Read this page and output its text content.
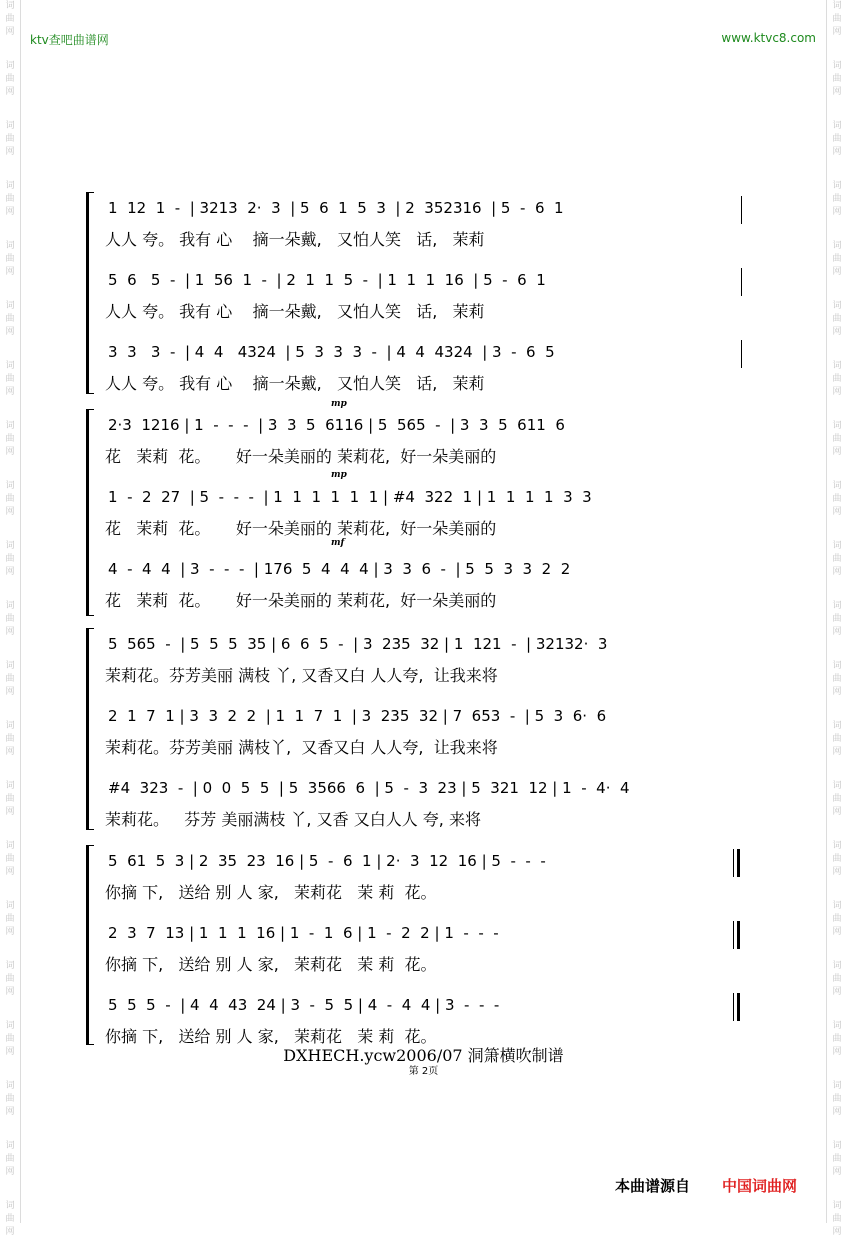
词
曲
网
词
曲
网
词
曲
网
词
曲
网
词
曲
网
词
曲
网
词
曲
网
词
曲
网
词
曲
网
词
曲
网
词
曲
网
词
曲
网
词
曲
网
词
曲
网
词
曲
网
词
曲
网
词
曲
网
词
曲
网
词
曲
网
词
曲
网
词
曲
网
词
曲
网
词
曲
网
词
曲
网
词
曲
网
词
曲
网
词
曲
网
词
曲
网
词
曲
网
词
曲
网
词
曲
网
词
曲
网
词
曲
网
词
曲
网
词
曲
网
词
曲
网
词
曲
网
词
曲
网
词
曲
网
词
曲
网
词
曲
网
词
曲
网
ktv查吧曲谱网	www.ktvc8.com
1  12  1  -  | 3213  2·  3  | 5  6  1  5  3  | 2  352316  | 5  -  6  1
人人 夸。 我有 心    摘一朵戴,   又怕人笑   话,   茉莉
5  6   5  -  | 1  56  1  -  | 2  1  1  5  -  | 1  1  1  16  | 5  -  6  1
人人 夸。 我有 心    摘一朵戴,   又怕人笑   话,   茉莉
3  3   3  -  | 4  4   4324  | 5  3  3  3  -  | 4  4  4324  | 3  -  6  5
人人 夸。 我有 心    摘一朵戴,   又怕人笑   话,   茉莉
mp
mp
mf
2·3  1216 | 1  -  -  -  | 3  3  5  6116 | 5  565  -  | 3  3  5  611  6
花   茉莉  花。     好一朵美丽的 茉莉花,  好一朵美丽的
1  -  2  27  | 5  -  -  -  | 1  1  1  1  1  1 | #4  322  1 | 1  1  1  1  3  3
花   茉莉  花。     好一朵美丽的 茉莉花,  好一朵美丽的
4  -  4  4  | 3  -  -  -  | 176  5  4  4  4 | 3  3  6  -  | 5  5  3  3  2  2
花   茉莉  花。     好一朵美丽的 茉莉花,  好一朵美丽的
5  565  -  | 5  5  5  35 | 6  6  5  -  | 3  235  32 | 1  121  -  | 32132·  3
茉莉花。芬芳美丽 满枝 丫, 又香又白 人人夸,  让我来将
2  1  7  1 | 3  3  2  2  | 1  1  7  1  | 3  235  32 | 7  653  -  | 5  3  6·  6
茉莉花。芬芳美丽 满枝丫,  又香又白 人人夸,  让我来将
#4  323  -  | 0  0  5  5  | 5  3566  6  | 5  -  3  23 | 5  321  12 | 1  -  4·  4
茉莉花。   芬芳 美丽满枝 丫, 又香 又白人人 夸, 来将
5  61  5  3 | 2  35  23  16 | 5  -  6  1 | 2·  3  12  16 | 5  -  -  -
你摘 下,   送给 别 人 家,   茉莉花   茉 莉  花。
2  3  7  13 | 1  1  1  16 | 1  -  1  6 | 1  -  2  2 | 1  -  -  -
你摘 下,   送给 别 人 家,   茉莉花   茉 莉  花。
5  5  5  -  | 4  4  43  24 | 3  -  5  5 | 4  -  4  4 | 3  -  -  -
你摘 下,   送给 别 人 家,   茉莉花   茉 莉  花。
DXHECH.ycw2006/07 洞箫横吹制谱
第 2页
本曲谱源自 中国词曲网
